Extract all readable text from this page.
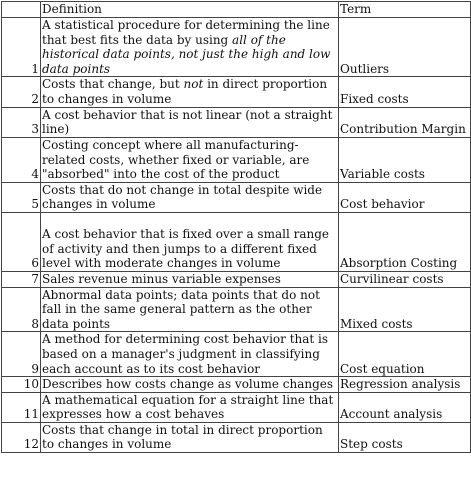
	Definition	Term
1	A statistical procedure for determining the line that best fits the data by using all of the historical data points, not just the high and low data points	Outliers
2	Costs that change, but not in direct proportion to changes in volume	Fixed costs
3	A cost behavior that is not linear (not a straight line)	Contribution Margin
4	Costing concept where all manufacturing-related costs, whether fixed or variable, are "absorbed" into the cost of the product	Variable costs
5	Costs that do not change in total despite wide changes in volume	Cost behavior
6	A cost behavior that is fixed over a small range of activity and then jumps to a different fixed level with moderate changes in volume	Absorption Costing
7	Sales revenue minus variable expenses	Curvilinear costs
8	Abnormal data points; data points that do not fall in the same general pattern as the other data points	Mixed costs
9	A method for determining cost behavior that is based on a manager's judgment in classifying each account as to its cost behavior	Cost equation
10	Describes how costs change as volume changes	Regression analysis
11	A mathematical equation for a straight line that expresses how a cost behaves	Account analysis
12	Costs that change in total in direct proportion to changes in volume	Step costs
